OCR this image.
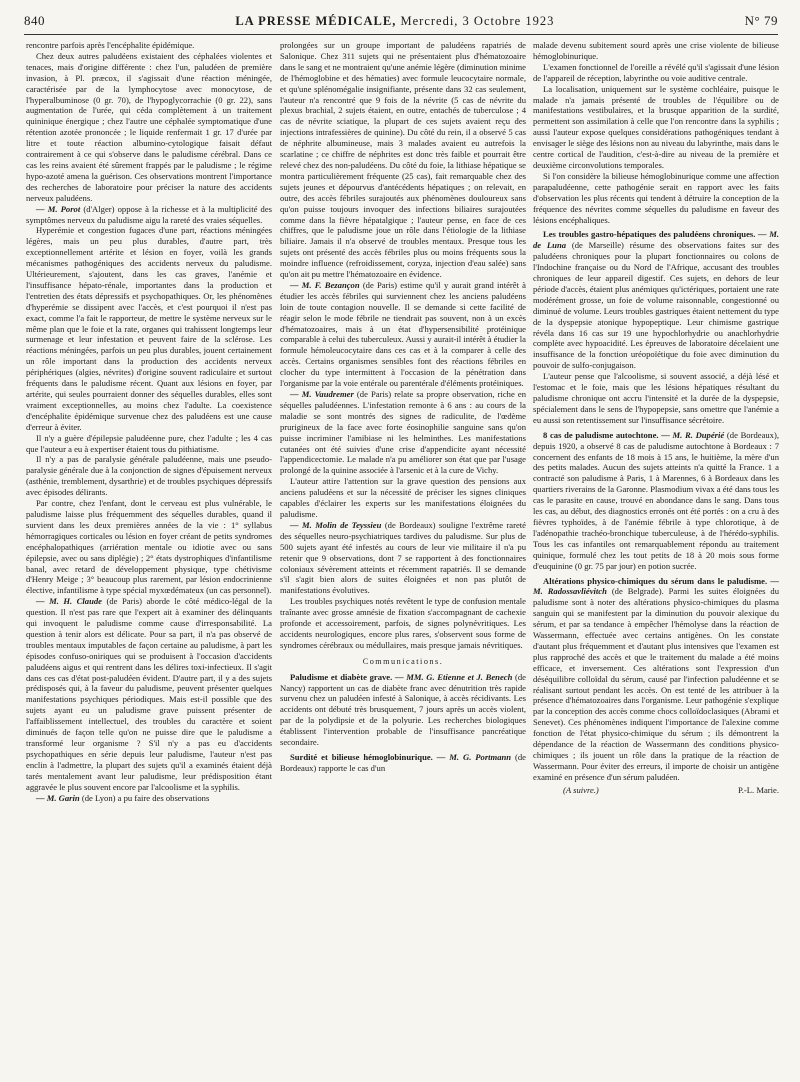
840	LA PRESSE MÉDICALE, Mercredi, 3 Octobre 1923	N° 79

rencontre parfois après l'encéphalite épidémique.

Chez deux autres paludéens existaient des céphalées violentes et tenaces, mais d'origine différente : chez l'un, paludéen de première invasion, à Pl. præcox, il s'agissait d'une réaction méningée, caractérisée par de la lymphocytose avec monocytose, de l'hyperalbuminose (0 gr. 70), de l'hypoglycorrachie (0 gr. 22), sans augmentation de l'urée, qui céda complètement à un traitement quininique énergique ; chez l'autre une céphalée symptomatique d'une rétention azotée prononcée ; le liquide renfermait 1 gr. 17 d'urée par litre et toute réaction albumino-cytologique faisait défaut contrairement à ce qui s'observe dans le paludisme cérébral. Dans ce cas les reins avaient été sûrement frappés par le paludisme ; le régime hypo-azoté amena la guérison. Ces observations montrent l'importance des recherches de laboratoire pour préciser la nature des accidents nerveux paludéens.

— M. Porot (d'Alger) oppose à la richesse et à la multiplicité des symptômes nerveux du paludisme aigu la rareté des vraies séquelles.

Hyperémie et congestion fugaces d'une part, réactions méningées légères, mais un peu plus durables, d'autre part, très exceptionnellement artérite et lésion en foyer, voilà les grands mécanismes pathogéniques des accidents nerveux du paludisme. Ultérieurement, s'ajoutent, dans les cas graves, l'anémie et l'insuffisance hépato-rénale, importantes dans la production et l'entretien des états dépressifs et psychopathiques. Or, les phénomènes d'hyperémie se dissipent avec l'accès, et c'est pourquoi il n'est pas exact, comme l'a fait le rapporteur, de mettre le système nerveux sur le même plan que le foie et la rate, organes qui trahissent longtemps leur surmenage et leur infestation et peuvent faire de la sclérose. Les réactions méningées, parfois un peu plus durables, jouent certainement un rôle important dans la production des accidents nerveux périphériques (algies, névrites) d'origine souvent radiculaire et surtout fréquents dans le paludisme récent. Quant aux lésions en foyer, par artérite, qui seules pourraient donner des séquelles durables, elles sont vraiment exceptionnelles, au moins chez l'adulte. La coexistence d'encéphalite épidémique survenue chez des paludéens est une cause d'erreur à éviter.

Il n'y a guère d'épilepsie paludéenne pure, chez l'adulte ; les 4 cas que l'auteur a eu à expertiser étaient tous du pithiatisme.

Il n'y a pas de paralysie générale paludéenne, mais une pseudo-paralysie générale due à la conjonction de signes d'épuisement nerveux (asthénie, tremblement, dysarthrie) et de troubles psychiques dépressifs avec épisodes délirants.

Par contre, chez l'enfant, dont le cerveau est plus vulnérable, le paludisme laisse plus fréquemment des séquelles durables, quand il survient dans les deux premières années de la vie : 1° syllabus hémorragiques corticales ou lésion en foyer créant de petits syndromes encéphalopathiques (arriération mentale ou idiotie avec ou sans épilepsie, avec ou sans diplégie) ; 2° états dystrophiques d'infantilisme banal, avec retard de développement physique, type chétivisme d'Henry Meige ; 3° beaucoup plus rarement, par lésion endocrinienne élective, infantilisme à type spécial myxœdémateux (un cas personnel).

— M. H. Claude (de Paris) aborde le côté médico-légal de la question. Il n'est pas rare que l'expert ait à examiner des délinquants qui invoquent le paludisme comme cause d'irresponsabilité. La question à tenir alors est délicate. Pour sa part, il n'a pas observé de troubles mentaux imputables de façon certaine au paludisme, à part les épisodes confuso-oniriques qui se produisent à l'occasion d'accidents paludéens aigus et qui rentrent dans les délires toxi-infectieux. Il s'agit dans ces cas d'état post-paludéen évident. D'autre part, il y a des sujets prédisposés qui, à la faveur du paludisme, peuvent présenter quelques manifestations psychiques périodiques. Mais est-il possible que des sujets ayant eu un paludisme grave puissent présenter de l'affaiblissement intellectuel, des troubles du caractère et soient diminués de façon telle qu'on ne puisse dire que le paludisme a transformé leur organisme ? S'il n'y a pas eu d'accidents psychopathiques en série depuis leur paludisme, l'auteur n'est pas enclin à l'admettre, la plupart des sujets qu'il a examinés étaient déjà tarés mentalement avant leur paludisme, leur prédisposition étant aggravée le plus souvent encore par l'alcoolisme et la syphilis.

— M. Garin (de Lyon) a pu faire des observations

prolongées sur un groupe important de paludéens rapatriés de Salonique. Chez 311 sujets qui ne présentaient plus d'hématozoaire dans le sang et ne montraient qu'une anémie légère (diminution minime de l'hémoglobine et des hématies) avec formule leucocytaire normale, et qu'une splénomégalie insignifiante, présente dans 32 cas seulement, l'auteur n'a rencontré que 9 fois de la névrite (5 cas de névrite du plexus brachial, 2 sujets étaient, en outre, entachés de tuberculose ; 4 cas de névrite sciatique, la plupart de ces sujets avaient reçu des injections intrafessières de quinine). Du côté du rein, il a observé 5 cas de néphrite albumineuse, mais 3 malades avaient eu autrefois la scarlatine ; ce chiffre de néphrites est donc très faible et pourrait être relevé chez des non-paludéens. Du côté du foie, la lithiase hépatique se montra particulièrement fréquente (25 cas), fait remarquable chez des sujets jeunes et dépourvus d'antécédents hépatiques ; on relevait, en outre, des accès fébriles surajoutés aux phénomènes douloureux sans qu'on puisse toujours invoquer des infections biliaires surajoutées comme dans la fièvre hépatalgique ; l'auteur pense, en face de ces chiffres, que le paludisme joue un rôle dans l'étiologie de la lithiase biliaire. Jamais il n'a observé de troubles mentaux. Presque tous les sujets ont présenté des accès fébriles plus ou moins fréquents sous la moindre influence (refroidissement, coryza, injection d'eau salée) sans qu'on ait pu mettre l'hématozoaire en évidence.

— M. F. Bezançon (de Paris) estime qu'il y aurait grand intérêt à étudier les accès fébriles qui surviennent chez les anciens paludéens loin de toute contagion nouvelle. Il se demande si cette facilité de réagir selon le mode fébrile ne tiendrait pas souvent, non à un excès d'hématozoaires, mais à un état d'hypersensibilité protéinique comparable à celui des tuberculeux. Aussi y aurait-il intérêt à étudier la formule hémoleucocytaire dans ces cas et à la comparer à celle des accès. Certains organismes sensibles font des réactions fébriles en clocher du type intermittent à l'occasion de la pénétration dans l'organisme par la voie entérale ou parentérale d'éléments protéiniques.

— M. Vaudremer (de Paris) relate sa propre observation, riche en séquelles paludéennes. L'infestation remonte à 6 ans : au cours de la maladie se sont montrés des signes de radiculite, de l'œdème prurigineux de la face avec forte éosinophilie sanguine sans qu'on puisse incriminer l'amibiase ni les helminthes. Les manifestations cutanées ont été suivies d'une crise d'appendicite ayant nécessité l'appendicectomie. Le malade n'a pu améliorer son état que par l'usage prolongé de la quinine associée à l'arsenic et à la cure de Vichy.

L'auteur attire l'attention sur la grave question des pensions aux anciens paludéens et sur la nécessité de préciser les signes cliniques capables d'éclairer les experts sur les manifestations éloignées du paludisme.

— M. Molin de Teyssieu (de Bordeaux) souligne l'extrême rareté des séquelles neuro-psychiatriques tardives du paludisme. Sur plus de 500 sujets ayant été infestés au cours de leur vie militaire il n'a pu retenir que 9 observations, dont 7 se rapportent à des fonctionnaires coloniaux sévèrement atteints et récemment rapatriés. Il se demande s'il s'agit bien alors de suites éloignées et non pas plutôt de manifestations évolutives.

Les troubles psychiques notés revêtent le type de confusion mentale traînante avec grosse amnésie de fixation s'accompagnant de cachexie profonde et accessoirement, parfois, de signes polynévritiques. Les accidents neurologiques, encore plus rares, s'observent sous forme de syndromes cérébraux ou médullaires, mais presque jamais névritiques.

Communications.

Paludisme et diabète grave. — MM. G. Etienne et J. Benech (de Nancy) rapportent un cas de diabète franc avec dénutrition très rapide survenu chez un paludéen infesté à Salonique, à accès récidivants. Les accidents ont débuté très brusquement, 7 jours après un accès violent, par de la polydipsie et de la polyurie. Les recherches biologiques établissent l'intervention probable de l'insuffisance pancréatique secondaire.

Surdité et bilieuse hémoglobinurique. — M. G. Portmann (de Bordeaux) rapporte le cas d'un

malade devenu subitement sourd après une crise violente de bilieuse hémoglobinurique.

L'examen fonctionnel de l'oreille a révélé qu'il s'agissait d'une lésion de l'appareil de réception, labyrinthe ou voie auditive centrale.

La localisation, uniquement sur le système cochléaire, puisque le malade n'a jamais présenté de troubles de l'équilibre ou de manifestations vestibulaires, et la brusque apparition de la surdité, permettent son assimilation à celle que l'on rencontre dans la syphilis ; aussi l'auteur expose quelques considérations pathogéniques tendant à envisager le siège des lésions non au niveau du labyrinthe, mais dans le centre cortical de l'audition, c'est-à-dire au niveau de la première et deuxième circonvolutions temporales.

Si l'on considère la bilieuse hémoglobinurique comme une affection parapaludéenne, cette pathogénie serait en rapport avec les faits d'observation les plus récents qui tendent à détruire la conception de la fréquence des névrites comme séquelles du paludisme en faveur des lésions encéphaliques.

Les troubles gastro-hépatiques des paludéens chroniques. — M. de Luna (de Marseille) résume des observations faites sur des paludéens chroniques pour la plupart fonctionnaires ou colons de l'Indochine française ou du Nord de l'Afrique, accusant des troubles chroniques de leur appareil digestif. Ces sujets, en dehors de leur période d'accès, étaient plus anémiques qu'ictériques, portaient une rate modérément grosse, un foie de volume raisonnable, congestionné ou diminué de volume. Leurs troubles gastriques étaient nettement du type de la dyspepsie atonique hypopeptique. Leur chimisme gastrique révéla dans 16 cas sur 19 une hypochlorhydrie ou anachlorhydrie complète avec hypoacidité. Les épreuves de laboratoire décelaient une insuffisance de la fonction uréopoïétique du foie avec diminution du pouvoir de sulfo-conjugaison.

L'auteur pense que l'alcoolisme, si souvent associé, a déjà lésé et l'estomac et le foie, mais que les lésions hépatiques résultant du paludisme chronique ont accru l'intensité et la durée de la dyspepsie, spécialement dans le sens de l'hypopepsie, sans omettre que l'anémie a eu aussi son retentissement sur l'insuffisance sécrétoire.

8 cas de paludisme autochtone. — M. R. Dupérié (de Bordeaux), depuis 1920, a observé 8 cas de paludisme autochtone à Bordeaux : 7 concernent des enfants de 18 mois à 15 ans, le huitième, la mère d'un des petits malades. Aucun des sujets atteints n'a quitté la France. 1 a contracté son paludisme à Paris, 1 à Marennes, 6 à Bordeaux dans les quartiers riverains de la Garonne. Plasmodium vivax a été dans tous les cas le parasite en cause, trouvé en abondance dans le sang. Dans tous les cas, au début, des diagnostics erronés ont été portés : on a cru à des fièvres typhoïdes, à de l'anémie fébrile à type chlorotique, à de l'adénopathie trachéo-bronchique tuberculeuse, à de l'hérédo-syphilis. Tous les cas infantiles ont remarquablement répondu au traitement quinique, formulé chez les tout petits de 18 à 20 mois sous forme d'euquinine (0 gr. 75 par jour) en potion sucrée.

Altérations physico-chimiques du sérum dans le paludisme. — M. Radossavliévitch (de Belgrade). Parmi les suites éloignées du paludisme sont à noter des altérations physico-chimiques du plasma sanguin qui se manifestent par la diminution du pouvoir alexique du sérum, et par sa tendance à empêcher l'hémolyse dans la réaction de Wassermann, effectuée avec certains antigènes. On les constate d'autant plus fréquemment et d'autant plus intensives que l'examen est plus rapproché des accès et que le traitement du malade a été moins efficace, et inversement. Ces altérations sont l'expression d'un déséquilibre colloïdal du sérum, causé par l'infection paludéenne et se réalisant surtout pendant les accès. On est tenté de les attribuer à la présence d'hématozoaires dans l'organisme. Leur pathogénie s'explique par la conception des accès comme chocs colloïdoclasiques (Abrami et Senevet). Ces phénomènes indiquent l'importance de l'alexine comme fonction de l'état physico-chimique du sérum ; ils démontrent la dépendance de la réaction de Wassermann des conditions physico-chimiques ; ils jouent un rôle dans la pratique de la réaction de Wassermann. Pour éviter des erreurs, il importe de choisir un antigène examiné en présence d'un sérum paludéen.

(A suivre.)	P.-L. Marie.
